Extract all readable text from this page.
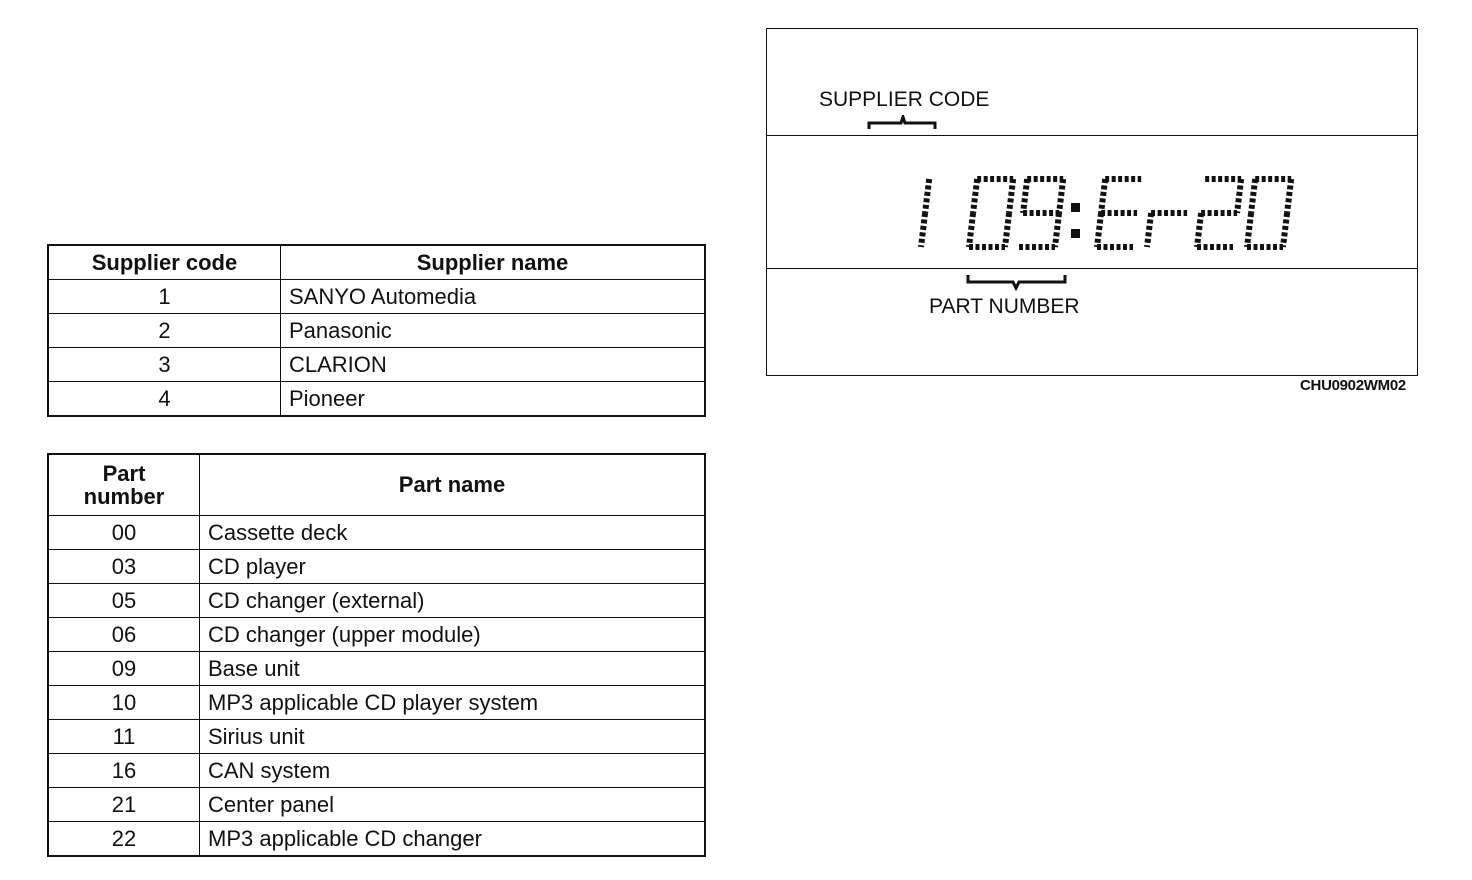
Supplier code	Supplier name
1	SANYO Automedia
2	Panasonic
3	CLARION
4	Pioneer
Part
number	Part name
00	Cassette deck
03	CD player
05	CD changer (external)
06	CD changer (upper module)
09	Base unit
10	MP3 applicable CD player system
11	Sirius unit
16	CAN system
21	Center panel
22	MP3 applicable CD changer
SUPPLIER CODE
PART NUMBER
CHU0902WM02
